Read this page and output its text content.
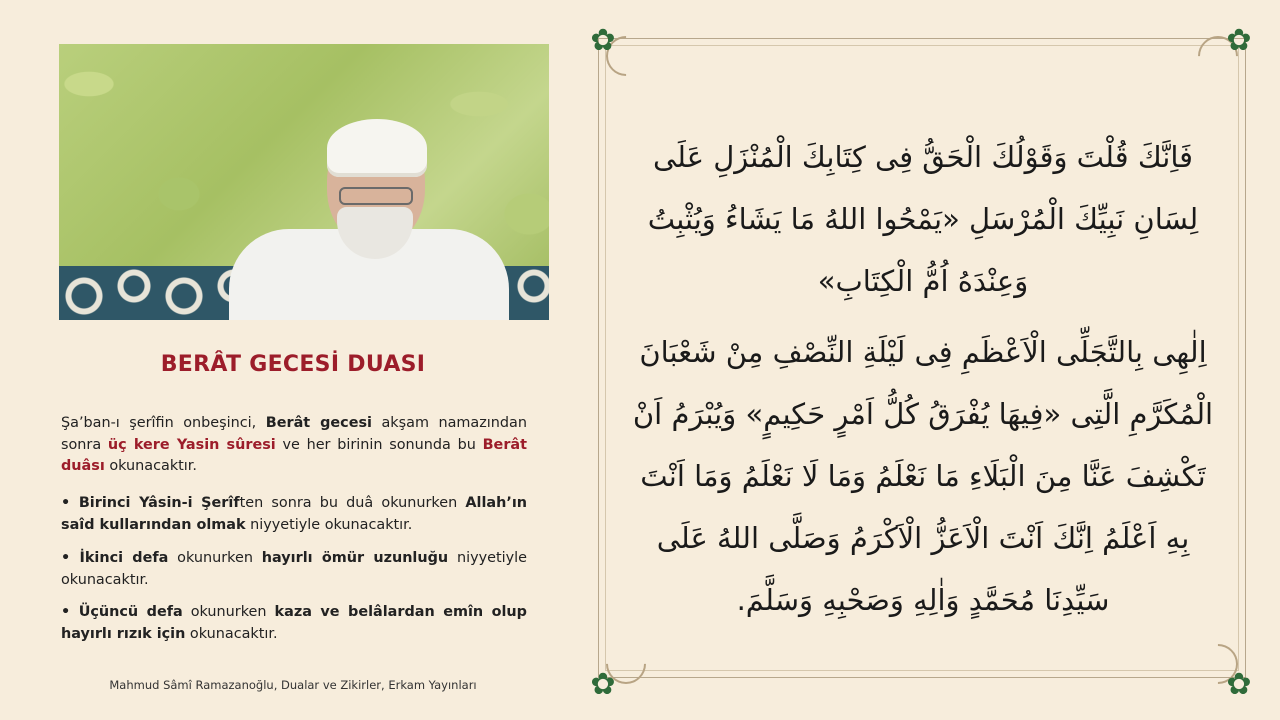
BERÂT GECESİ DUASI
Şa’ban-ı şerîfin onbeşinci, Berât gecesi akşam namazından sonra üç kere Yasin sûresi ve her birinin sonunda bu Berât duâsı okunacaktır.
• Birinci Yâsin-i Şerîften sonra bu duâ okunurken Allah’ın saîd kullarından olmak niyyetiyle okunacaktır.
• İkinci defa okunurken hayırlı ömür uzunluğu niyyetiyle okunacaktır.
• Üçüncü defa okunurken kaza ve belâlardan emîn olup hayırlı rızık için okunacaktır.
Mahmud Sâmî Ramazanoğlu, Dualar ve Zikirler, Erkam Yayınları
✿	✿
✿	✿
فَاِنَّكَ قُلْتَ وَقَوْلُكَ الْحَقُّ فِى كِتَابِكَ الْمُنْزَلِ عَلَى
لِسَانِ نَبِيِّكَ الْمُرْسَلِ «يَمْحُوا اللهُ مَا يَشَاءُ وَيُثْبِتُ
وَعِنْدَهُ اُمُّ الْكِتَابِ»
اِلٰهِى بِالتَّجَلِّى الْاَعْظَمِ فِى لَيْلَةِ النِّصْفِ مِنْ شَعْبَانَ
الْمُكَرَّمِ الَّتِى «فِيهَا يُفْرَقُ كُلُّ اَمْرٍ حَكِيمٍ» وَيُبْرَمُ اَنْ
تَكْشِفَ عَنَّا مِنَ الْبَلَاءِ مَا نَعْلَمُ وَمَا لَا نَعْلَمُ وَمَا اَنْتَ
بِهِ اَعْلَمُ اِنَّكَ اَنْتَ الْاَعَزُّ الْاَكْرَمُ وَصَلَّى اللهُ عَلَى
سَيِّدِنَا مُحَمَّدٍ وَاٰلِهِ وَصَحْبِهِ وَسَلَّمَ.
